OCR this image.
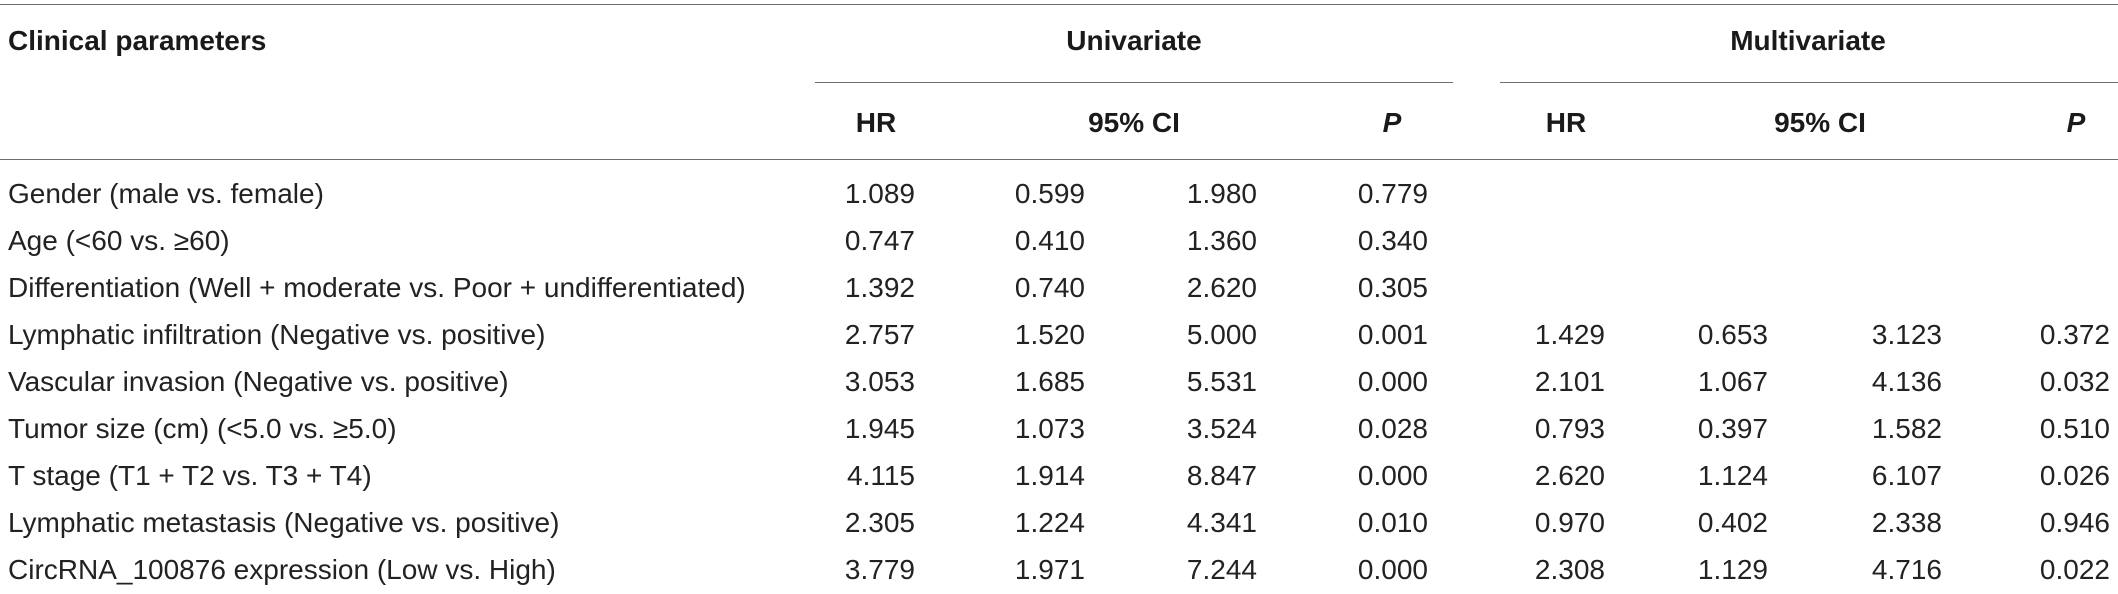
Clinical parameters	Univariate	Multivariate
HR	95% CI	P	HR	95% CI	P
Gender (male vs. female)	1.089	0.599	1.980	0.779
Age (<60 vs. ≥60)	0.747	0.410	1.360	0.340
Differentiation (Well + moderate vs. Poor + undifferentiated)	1.392	0.740	2.620	0.305
Lymphatic infiltration (Negative vs. positive)	2.757	1.520	5.000	0.001	1.429	0.653	3.123	0.372
Vascular invasion (Negative vs. positive)	3.053	1.685	5.531	0.000	2.101	1.067	4.136	0.032
Tumor size (cm) (<5.0 vs. ≥5.0)	1.945	1.073	3.524	0.028	0.793	0.397	1.582	0.510
T stage (T1 + T2 vs. T3 + T4)	4.115	1.914	8.847	0.000	2.620	1.124	6.107	0.026
Lymphatic metastasis (Negative vs. positive)	2.305	1.224	4.341	0.010	0.970	0.402	2.338	0.946
CircRNA_100876 expression (Low vs. High)	3.779	1.971	7.244	0.000	2.308	1.129	4.716	0.022
